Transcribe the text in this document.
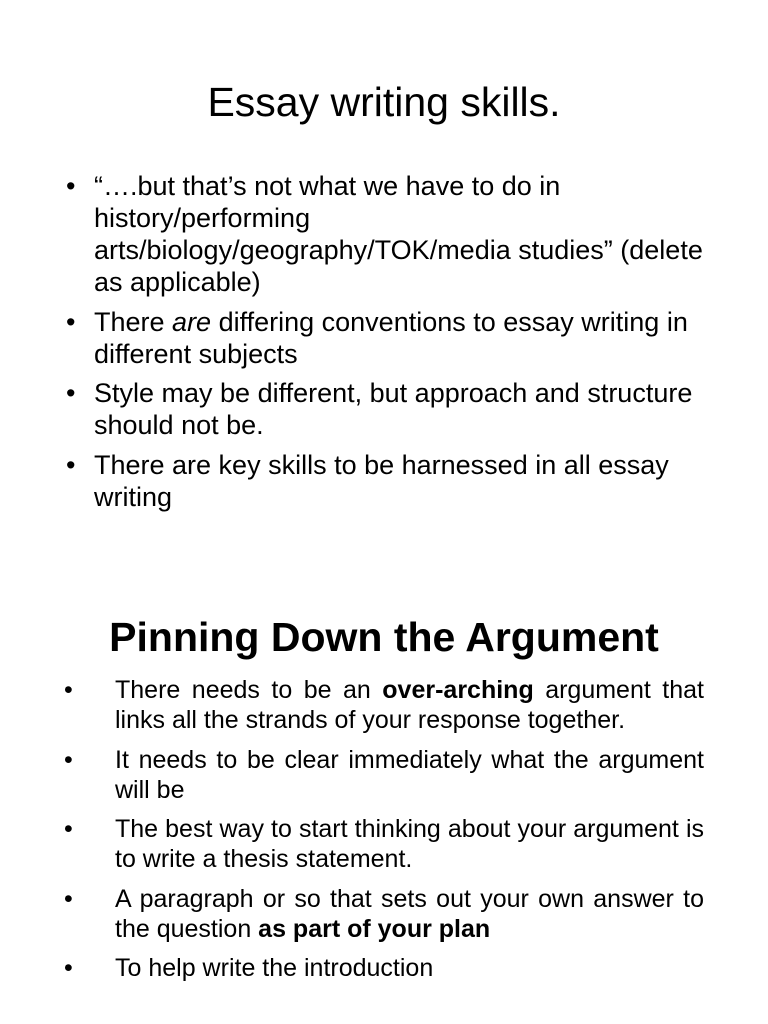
Essay writing skills.
• “….but that’s not what we have to do in history/performing arts/biology/geography/TOK/media studies” (delete as applicable)
• There are differing conventions to essay writing in different subjects
• Style may be different, but approach and structure should not be.
• There are key skills to be harnessed in all essay writing
Pinning Down the Argument
• There needs to be an over-arching argument that links all the strands of your response together.
• It needs to be clear immediately what the argument will be
• The best way to start thinking about your argument is to write a thesis statement.
• A paragraph or so that sets out your own answer to the question as part of your plan
• To help write the introduction
